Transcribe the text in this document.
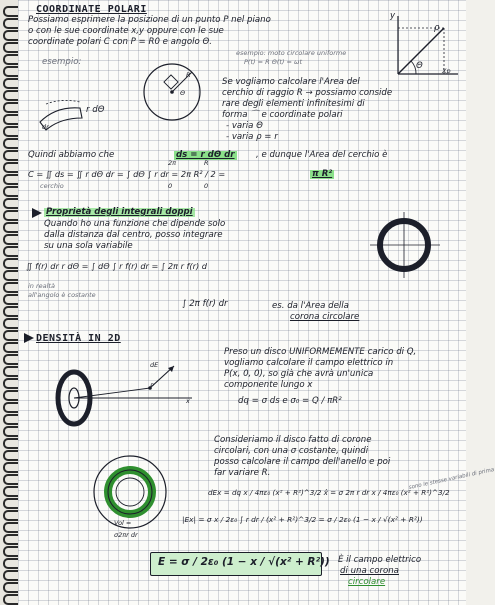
COORDINATE POLARI
Possiamo esprimere la posizione di un punto P nel piano
o con le sue coordinate x,y oppure con le sue
coordinate polari C con P = R0 e angolo Θ.
esempio: moto circolare uniforme
P(t) = R Θ(t) = ωt
esempio:
y
ρ
Θ	Xp
R
Θ
r dΘ
dr
Se vogliamo calcolare l'Area del
cerchio di raggio R → possiamo conside
rare degli elementi infinitesimi di
forma ⌒ e coordinate polari
- varia Θ
- varia ρ = r
Quindi abbiamo che	ds = r dΘ dr , e dunque l'Area del cerchio è
C = ∬ ds = ∬ r dΘ dr = ∫ dΘ ∫ r dr = 2π R² / 2 =	π R²
cerchio
2π
0
R
0
Proprietà degli integrali doppi
Quando ho una funzione che dipende solo
dalla distanza dal centro, posso integrare
su una sola variabile
∬ f(r) dr r dΘ = ∫ dΘ ∫ r f(r) dr = ∫ 2π r f(r) d
in realtà
all'angolo è costante
∫ 2π f(r) dr	es. da l'Area della
corona circolare
DENSITÀ IN 2D
dE
P
x
Preso un disco UNIFORMEMENTE carico di Q,
vogliamo calcolare il campo elettrico in
P(x, 0, 0), so già che avrà un'unica
componente lungo x
dq = σ ds e σ₀ = Q / πR²
Vol =
σ2πr dr
Consideriamo il disco fatto di corone
circolari, con una σ costante, quindi
posso calcolare il campo dell'anello e poi
far variare R.
dEx = dq x / 4πε₀ (x² + R²)^3/2 x̂ = σ 2π r dr x / 4πε₀ (x² + R²)^3/2
sono le stesse variabili di prima
|Ex| = σ x / 2ε₀ ∫ r dr / (x² + R²)^3/2 = σ / 2ε₀ (1 − x / √(x² + R²))
E = σ / 2ε₀ (1 − x / √(x² + R²)) È il campo elettrico
di una corona
circolare
